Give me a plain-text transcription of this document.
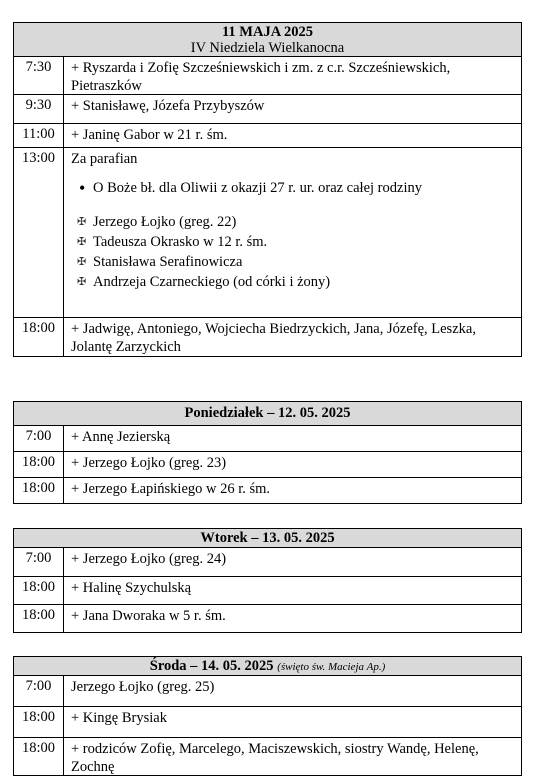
11 MAJA 2025
IV Niedziela Wielkanocna
7:30	+ Ryszarda i Zofię Szcześniewskich i zm. z c.r. Szcześniewskich, Pietraszków
9:30	+ Stanisławę, Józefa Przybyszów
11:00	+ Janinę Gabor w 21 r. śm.
13:00	Za parafian
• O Boże bł. dla Oliwii z okazji 27 r. ur. oraz całej rodziny
✠ Jerzego Łojko (greg. 22)
✠ Tadeusza Okrasko w 12 r. śm.
✠ Stanisława Serafinowicza
✠ Andrzeja Czarneckiego (od córki i żony)
18:00	+ Jadwigę, Antoniego, Wojciecha Biedrzyckich, Jana, Józefę, Leszka, Jolantę Zarzyckich
Poniedziałek – 12. 05. 2025
7:00	+ Annę Jezierską
18:00	+ Jerzego Łojko (greg. 23)
18:00	+ Jerzego Łapińskiego w 26 r. śm.
Wtorek – 13. 05. 2025
7:00	+ Jerzego Łojko (greg. 24)
18:00	+ Halinę Szychulską
18:00	+ Jana Dworaka w 5 r. śm.
Środa – 14. 05. 2025 (święto św. Macieja Ap.)
7:00	Jerzego Łojko (greg. 25)
18:00	+ Kingę Brysiak
18:00	+ rodziców Zofię, Marcelego, Maciszewskich, siostry Wandę, Helenę, Zochnę
